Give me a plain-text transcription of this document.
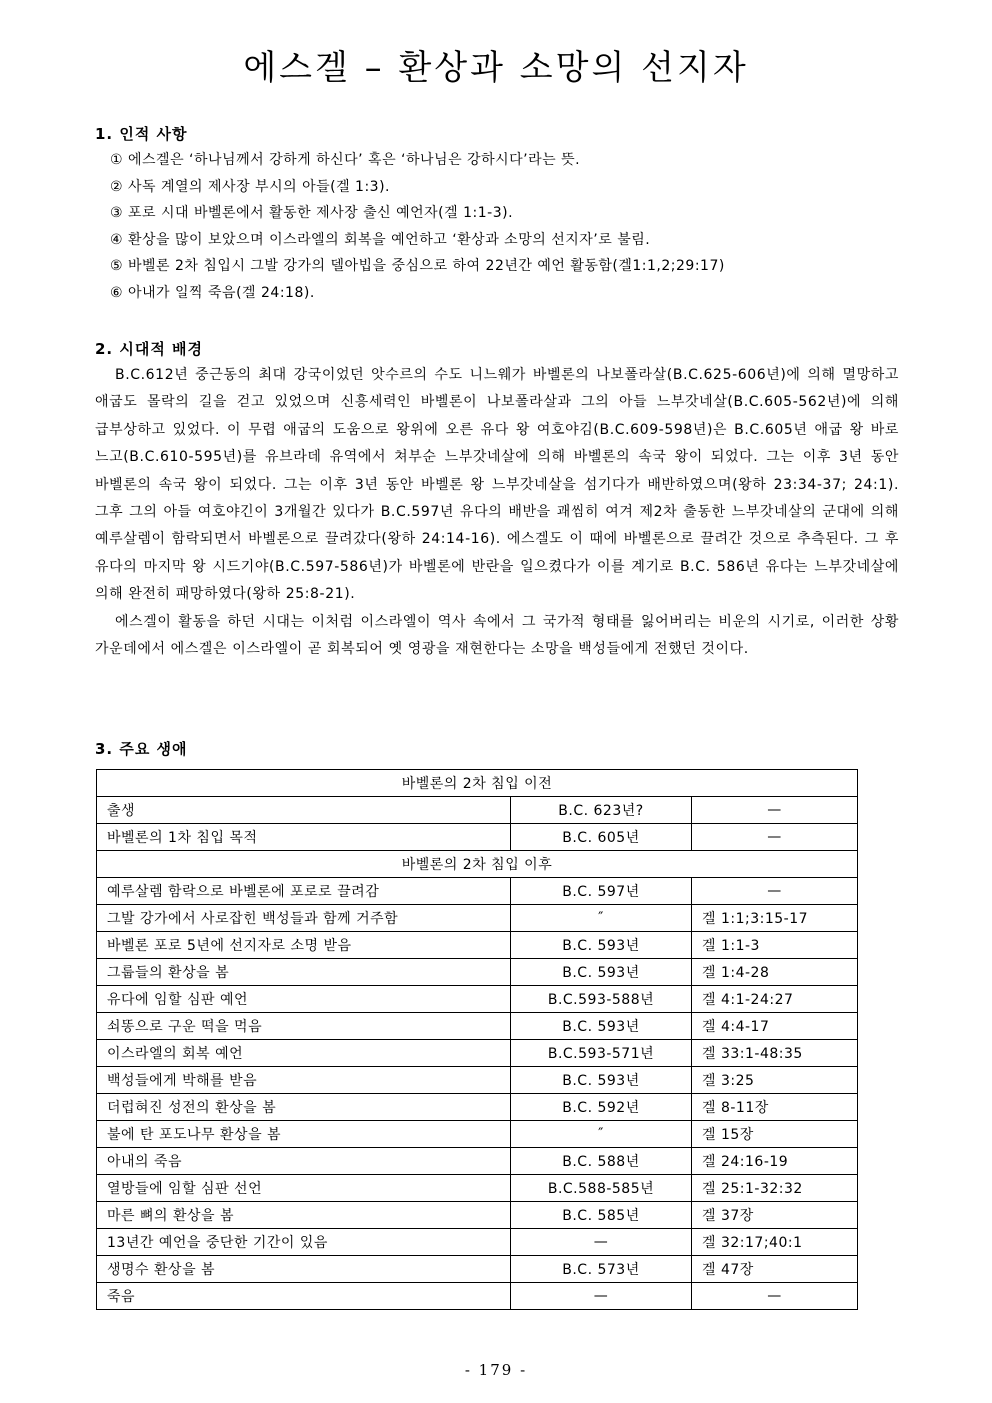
에스겔 – 환상과 소망의 선지자
1. 인적 사항
① 에스겔은 ‘하나님께서 강하게 하신다’ 혹은 ‘하나님은 강하시다’라는 뜻.
② 사독 계열의 제사장 부시의 아들(겔 1:3).
③ 포로 시대 바벨론에서 활동한 제사장 출신 예언자(겔 1:1-3).
④ 환상을 많이 보았으며 이스라엘의 회복을 예언하고 ‘환상과 소망의 선지자’로 불림.
⑤ 바벨론 2차 침입시 그발 강가의 델아빕을 중심으로 하여 22년간 예언 활동함(겔1:1,2;29:17)
⑥ 아내가 일찍 죽음(겔 24:18).
2. 시대적 배경

B.C.612년 중근동의 최대 강국이었던 앗수르의 수도 니느웨가 바벨론의 나보폴라살(B.C.625-606년)에 의해 멸망하고 애굽도 몰락의 길을 걷고 있었으며 신흥세력인 바벨론이 나보폴라살과 그의 아들 느부갓네살(B.C.605-562년)에 의해 급부상하고 있었다. 이 무렵 애굽의 도움으로 왕위에 오른 유다 왕 여호야김(B.C.609-598년)은 B.C.605년 애굽 왕 바로 느고(B.C.610-595년)를 유브라데 유역에서 쳐부순 느부갓네살에 의해 바벨론의 속국 왕이 되었다. 그는 이후 3년 동안 바벨론의 속국 왕이 되었다. 그는 이후 3년 동안 바벨론 왕 느부갓네살을 섬기다가 배반하였으며(왕하 23:34-37; 24:1). 그후 그의 아들 여호야긴이 3개월간 있다가 B.C.597년 유다의 배반을 괘씸히 여겨 제2차 출동한 느부갓네살의 군대에 의해 예루살렘이 함락되면서 바벨론으로 끌려갔다(왕하 24:14-16). 에스겔도 이 때에 바벨론으로 끌려간 것으로 추측된다. 그 후 유다의 마지막 왕 시드기야(B.C.597-586년)가 바벨론에 반란을 일으켰다가 이를 계기로 B.C. 586년 유다는 느부갓네살에 의해 완전히 패망하였다(왕하 25:8-21).

에스겔이 활동을 하던 시대는 이처럼 이스라엘이 역사 속에서 그 국가적 형태를 잃어버리는 비운의 시기로, 이러한 상황 가운데에서 에스겔은 이스라엘이 곧 회복되어 옛 영광을 재현한다는 소망을 백성들에게 전했던 것이다.

3. 주요 생애
바벨론의 2차 침입 이전		
출생	B.C. 623년?	—
바벨론의 1차 침입 목적	B.C. 605년	—
바벨론의 2차 침입 이후		
예루살렘 함락으로 바벨론에 포로로 끌려감	B.C. 597년	—
그발 강가에서 사로잡힌 백성들과 함께 거주함	″	겔 1:1;3:15-17
바벨론 포로 5년에 선지자로 소명 받음	B.C. 593년	겔 1:1-3
그룹들의 환상을 봄	B.C. 593년	겔 1:4-28
유다에 임할 심판 예언	B.C.593-588년	겔 4:1-24:27
쇠똥으로 구운 떡을 먹음	B.C. 593년	겔 4:4-17
이스라엘의 회복 예언	B.C.593-571년	겔 33:1-48:35
백성들에게 박해를 받음	B.C. 593년	겔 3:25
더럽혀진 성전의 환상을 봄	B.C. 592년	겔 8-11장
불에 탄 포도나무 환상을 봄	″	겔 15장
아내의 죽음	B.C. 588년	겔 24:16-19
열방들에 임할 심판 선언	B.C.588-585년	겔 25:1-32:32
마른 뼈의 환상을 봄	B.C. 585년	겔 37장
13년간 예언을 중단한 기간이 있음	—	겔 32:17;40:1
생명수 환상을 봄	B.C. 573년	겔 47장
죽음	—	—
- 179 -
